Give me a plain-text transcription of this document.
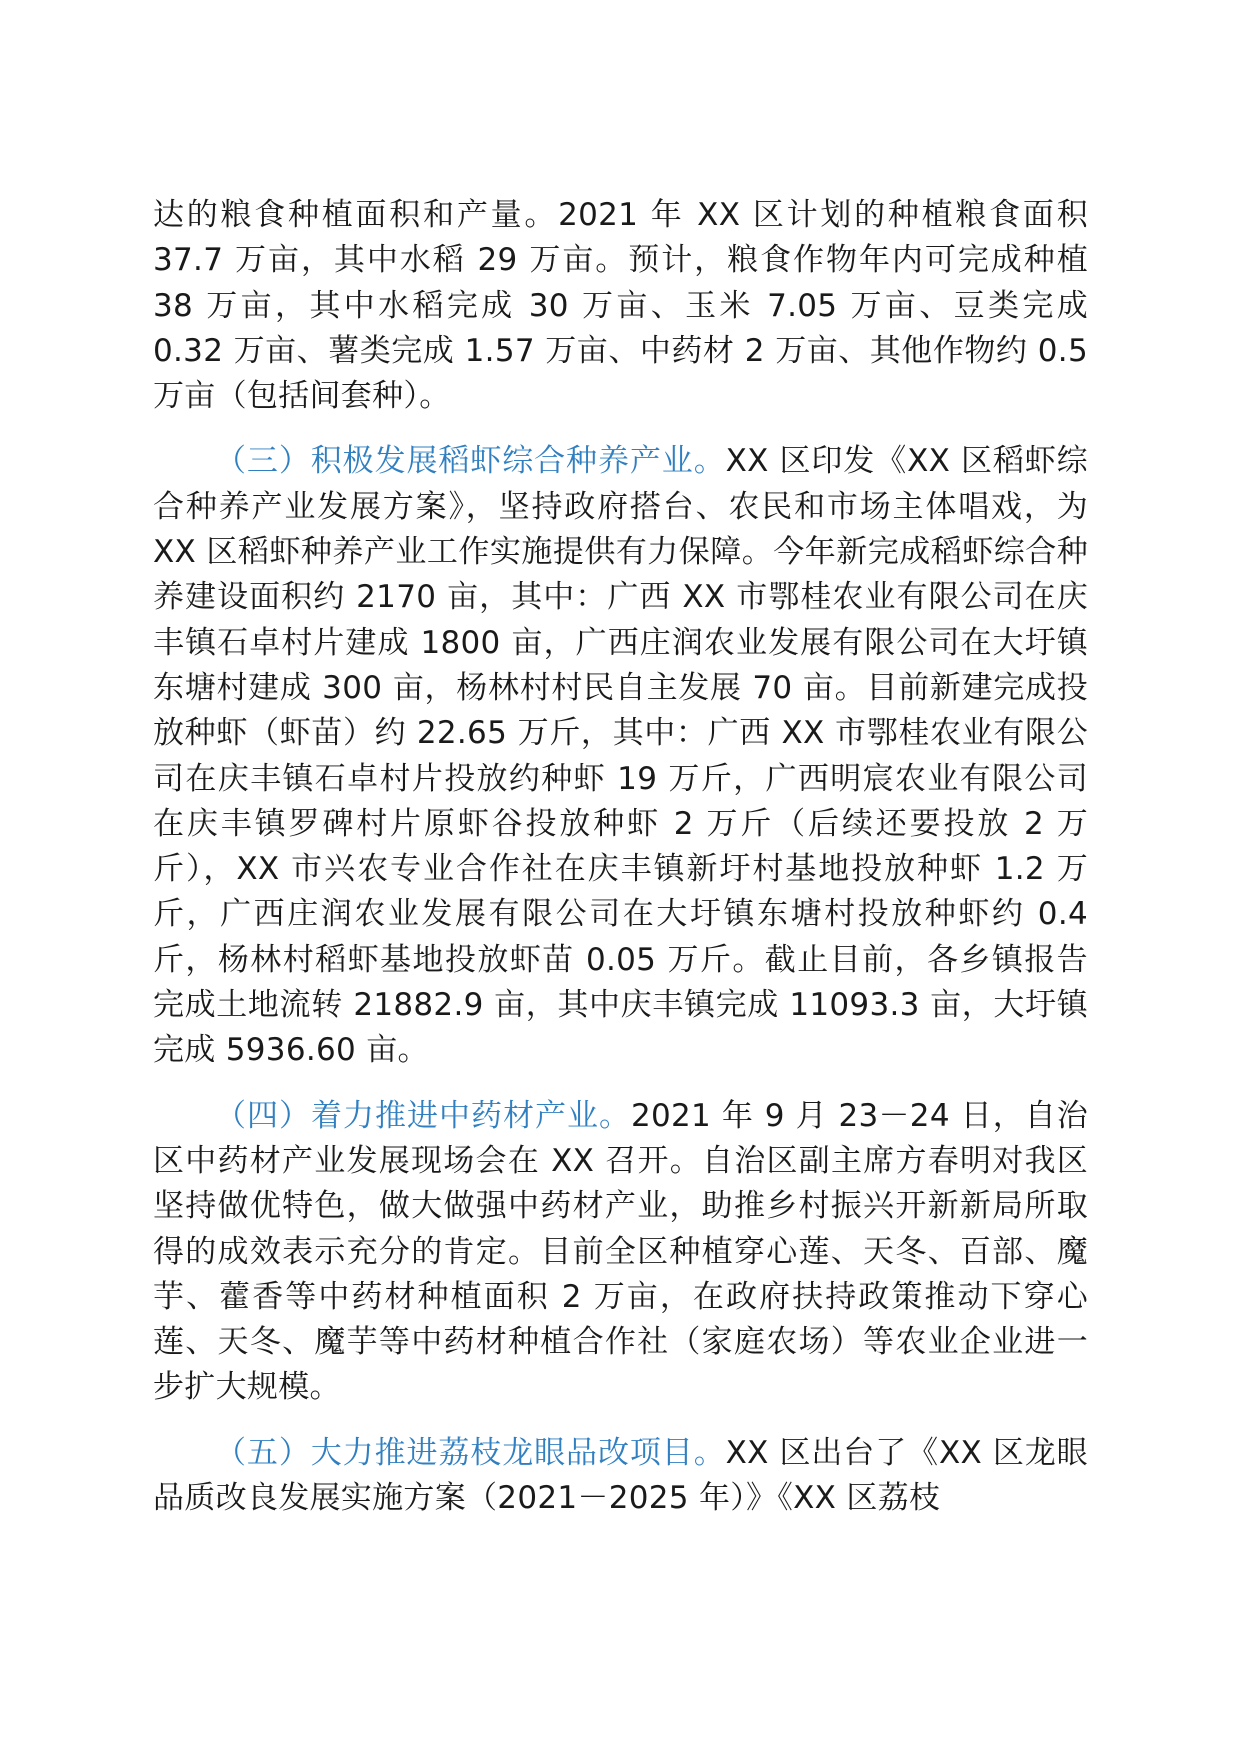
达的粮食种植面积和产量。2021 年 XX 区计划的种植粮食面积 37.7 万亩，其中水稻 29 万亩。预计，粮食作物年内可完成种植 38 万亩，其中水稻完成 30 万亩、玉米 7.05 万亩、豆类完成 0.32 万亩、薯类完成 1.57 万亩、中药材 2 万亩、其他作物约 0.5 万亩（包括间套种）。

（三）积极发展稻虾综合种养产业。XX 区印发《XX 区稻虾综合种养产业发展方案》，坚持政府搭台、农民和市场主体唱戏，为 XX 区稻虾种养产业工作实施提供有力保障。今年新完成稻虾综合种养建设面积约 2170 亩，其中：广西 XX 市鄂桂农业有限公司在庆丰镇石卓村片建成 1800 亩，广西庄润农业发展有限公司在大圩镇东塘村建成 300 亩，杨林村村民自主发展 70 亩。目前新建完成投放种虾（虾苗）约 22.65 万斤，其中：广西 XX 市鄂桂农业有限公司在庆丰镇石卓村片投放约种虾 19 万斤，广西明宸农业有限公司在庆丰镇罗碑村片原虾谷投放种虾 2 万斤（后续还要投放 2 万斤），XX 市兴农专业合作社在庆丰镇新圩村基地投放种虾 1.2 万斤，广西庄润农业发展有限公司在大圩镇东塘村投放种虾约 0.4 斤，杨林村稻虾基地投放虾苗 0.05 万斤。截止目前，各乡镇报告完成土地流转 21882.9 亩，其中庆丰镇完成 11093.3 亩，大圩镇完成 5936.60 亩。

（四）着力推进中药材产业。2021 年 9 月 23－24 日，自治区中药材产业发展现场会在 XX 召开。自治区副主席方春明对我区坚持做优特色，做大做强中药材产业，助推乡村振兴开新新局所取得的成效表示充分的肯定。目前全区种植穿心莲、天冬、百部、魔芋、藿香等中药材种植面积 2 万亩，在政府扶持政策推动下穿心莲、天冬、魔芋等中药材种植合作社（家庭农场）等农业企业进一步扩大规模。

（五）大力推进荔枝龙眼品改项目。XX 区出台了《XX 区龙眼品质改良发展实施方案（2021－2025 年）》《XX 区荔枝
